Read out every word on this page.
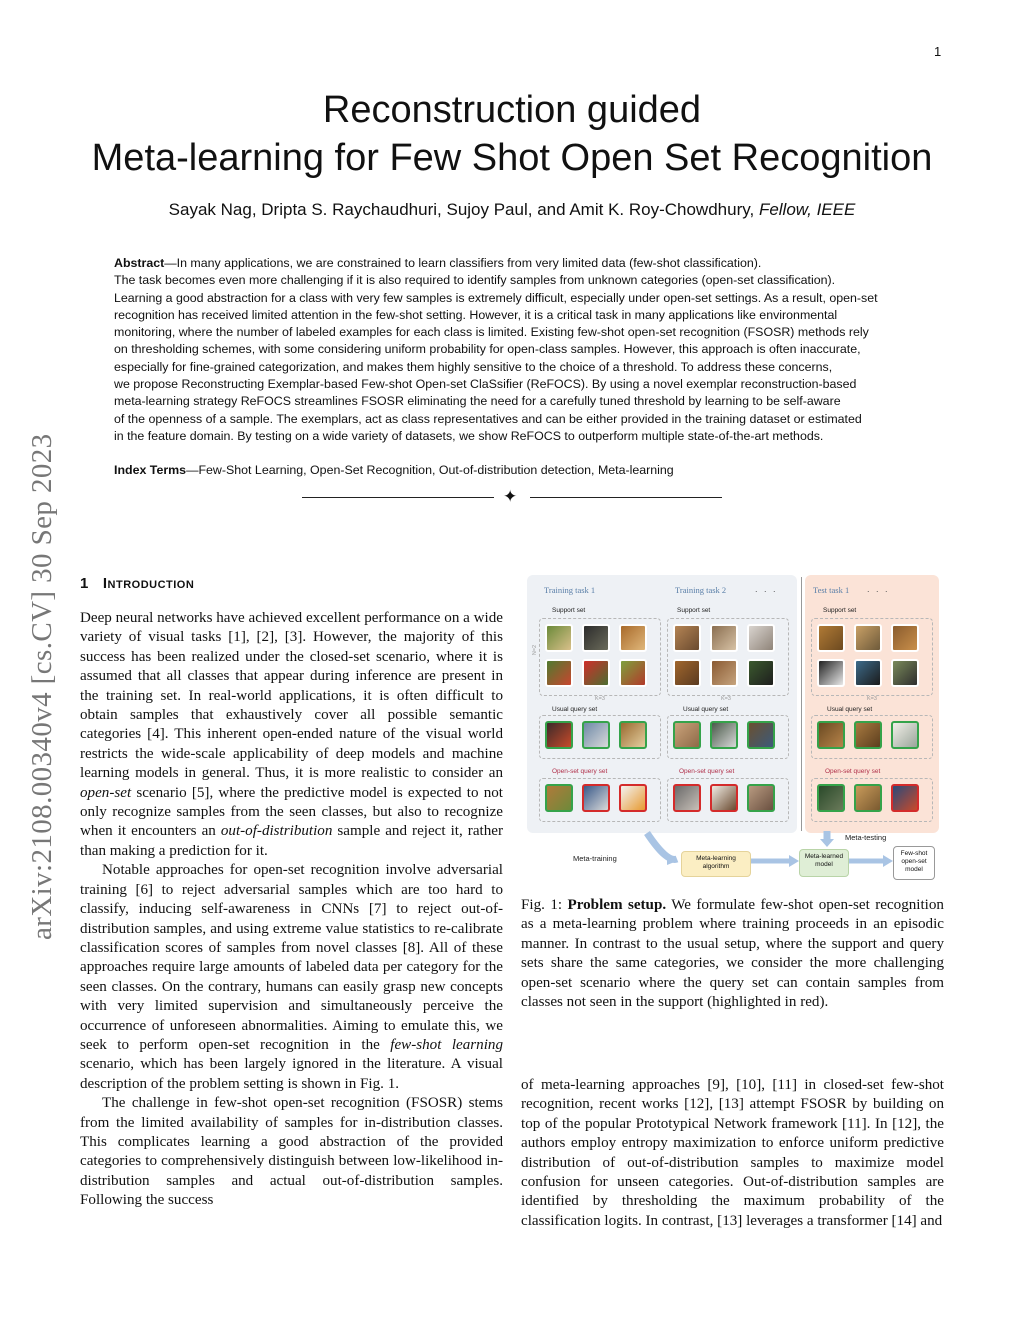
1
Reconstruction guided
Meta-learning for Few Shot Open Set Recognition
Sayak Nag, Dripta S. Raychaudhuri, Sujoy Paul, and Amit K. Roy-Chowdhury, Fellow, IEEE

Abstract—In many applications, we are constrained to learn classifiers from very limited data (few-shot classification).

The task becomes even more challenging if it is also required to identify samples from unknown categories (open-set classification).

Learning a good abstraction for a class with very few samples is extremely difficult, especially under open-set settings. As a result, open-set

recognition has received limited attention in the few-shot setting. However, it is a critical task in many applications like environmental

monitoring, where the number of labeled examples for each class is limited. Existing few-shot open-set recognition (FSOSR) methods rely

on thresholding schemes, with some considering uniform probability for open-class samples. However, this approach is often inaccurate,

especially for fine-grained categorization, and makes them highly sensitive to the choice of a threshold. To address these concerns,

we propose Reconstructing Exemplar-based Few-shot Open-set ClaSsifier (ReFOCS). By using a novel exemplar reconstruction-based

meta-learning strategy ReFOCS streamlines FSOSR eliminating the need for a carefully tuned threshold by learning to be self-aware

of the openness of a sample. The exemplars, act as class representatives and can be either provided in the training dataset or estimated

in the feature domain. By testing on a wide variety of datasets, we show ReFOCS to outperform multiple state-of-the-art methods.

Index Terms—Few-Shot Learning, Open-Set Recognition, Out-of-distribution detection, Meta-learning
✦
arXiv:2108.00340v4 [cs.CV] 30 Sep 2023 1 Introduction

Deep neural networks have achieved excellent performance on a wide variety of visual tasks [1], [2], [3]. However, the majority of this success has been realized under the closed-set scenario, where it is assumed that all classes that appear during inference are present in the training set. In real-world applications, it is often difficult to obtain samples that exhaustively cover all possible semantic categories [4]. This inherent open-ended nature of the visual world restricts the wide-scale applicability of deep models and machine learning models in general. Thus, it is more realistic to consider an open-set scenario [5], where the predictive model is expected to not only recognize samples from the seen classes, but also to recognize when it encounters an out-of-distribution sample and reject it, rather than making a prediction for it.

Notable approaches for open-set recognition involve adversarial training [6] to reject adversarial samples which are too hard to classify, inducing self-awareness in CNNs [7] to reject out-of-distribution samples, and using extreme value statistics to re-calibrate classification scores of samples from novel classes [8]. All of these approaches require large amounts of labeled data per category for the seen classes. On the contrary, humans can easily grasp new concepts with very limited supervision and simultaneously perceive the occurrence of unforeseen abnormalities. Aiming to emulate this, we seek to perform open-set recognition in the few-shot learning scenario, which has been largely ignored in the literature. A visual description of the problem setting is shown in Fig. 1.

The challenge in few-shot open-set recognition (FSOSR) stems from the limited availability of samples for in-distribution classes. This complicates learning a good abstraction of the provided categories to comprehensively distinguish between low-likelihood in-distribution samples and actual out-of-distribution samples. Following the success

Training task 1	Training task 2	. . .	Test task 1 . . .
Support set	Support set	Support set
N=2
K=3	K=3	K=3
Usual query set	Usual query set	Usual query set
Open-set query set	Open-set query set	Open-set query set
Meta-training
Meta-testing
Meta-learning algorithm
Meta-learned model
Few-shot open-set model
Fig. 1: Problem setup. We formulate few-shot open-set recognition as a meta-learning problem where training proceeds in an episodic manner. In contrast to the usual setup, where the support and query sets share the same categories, we consider the more challenging open-set scenario where the query set can contain samples from classes not seen in the support (highlighted in red).

of meta-learning approaches [9], [10], [11] in closed-set few-shot recognition, recent works [12], [13] attempt FSOSR by building on top of the popular Prototypical Network framework [11]. In [12], the authors employ entropy maximization to enforce uniform predictive distribution of out-of-distribution samples to maximize model confusion for unseen categories. Out-of-distribution samples are identified by thresholding the maximum probability of the classification logits. In contrast, [13] leverages a transformer [14] and
